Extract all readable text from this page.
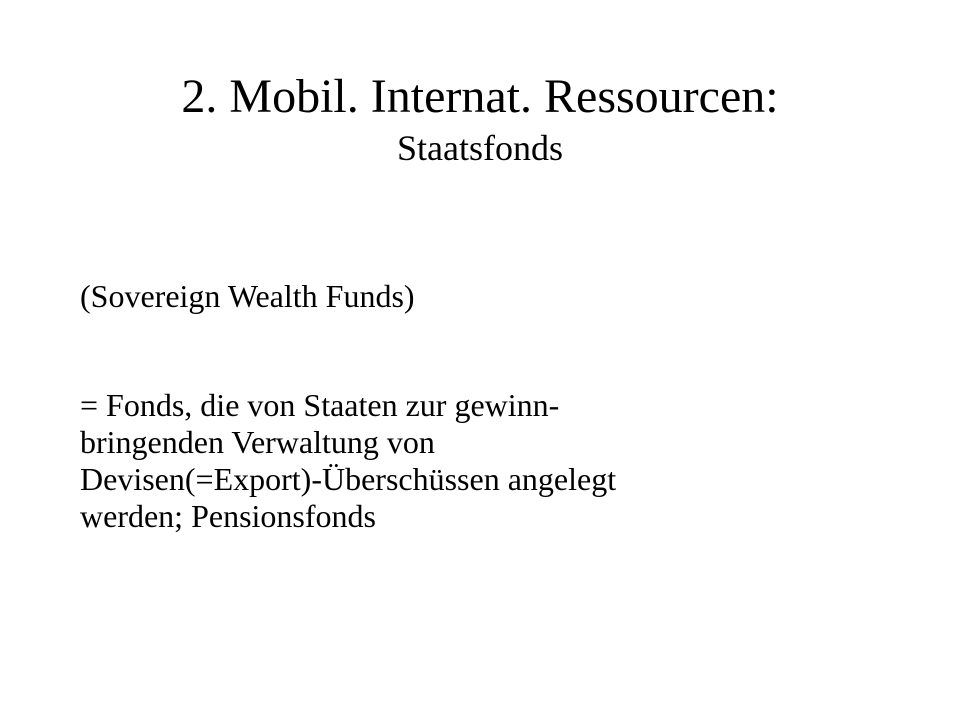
2. Mobil. Internat. Ressourcen:
Staatsfonds

(Sovereign Wealth Funds)

= Fonds, die von Staaten zur gewinn-
bringenden Verwaltung von
Devisen(=Export)-Überschüssen angelegt
werden; Pensionsfonds
